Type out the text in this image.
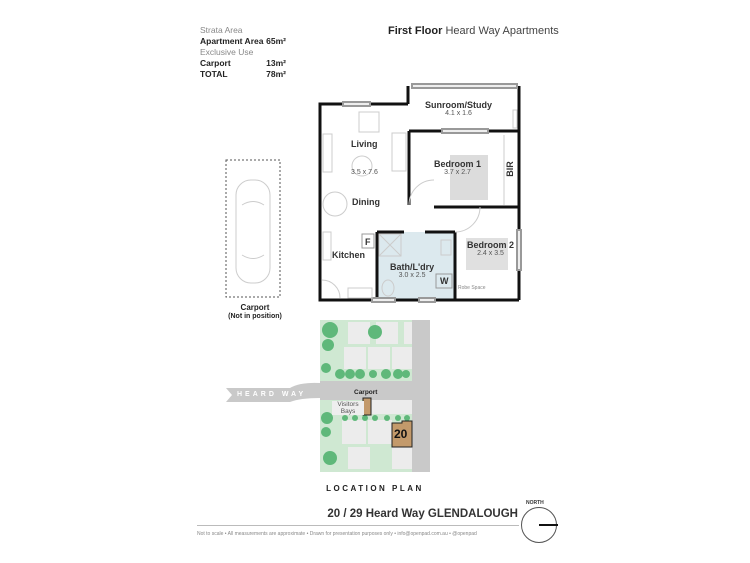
Strata Area
Apartment Area 65m²
Exclusive Use
Carport	13m²
TOTAL	78m²
First Floor Heard Way Apartments
Sunroom/Study
4.1 x 1.6
Living
3.5 x 7.6
Dining
Bedroom 1
3.7 x 2.7	BIR
Kitchen
F
Bath/L'dry
3.0 x 2.5
W
Bedroom 2
2.4 x 3.5
Robe Space
Carport
(Not in position)
HEARD WAY	Carport
Visitors Bays
20
LOCATION PLAN
20 / 29 Heard Way GLENDALOUGH
Not to scale • All measurements are approximate • Drawn for presentation purposes only • info@openpad.com.au • @openpad
NORTH
